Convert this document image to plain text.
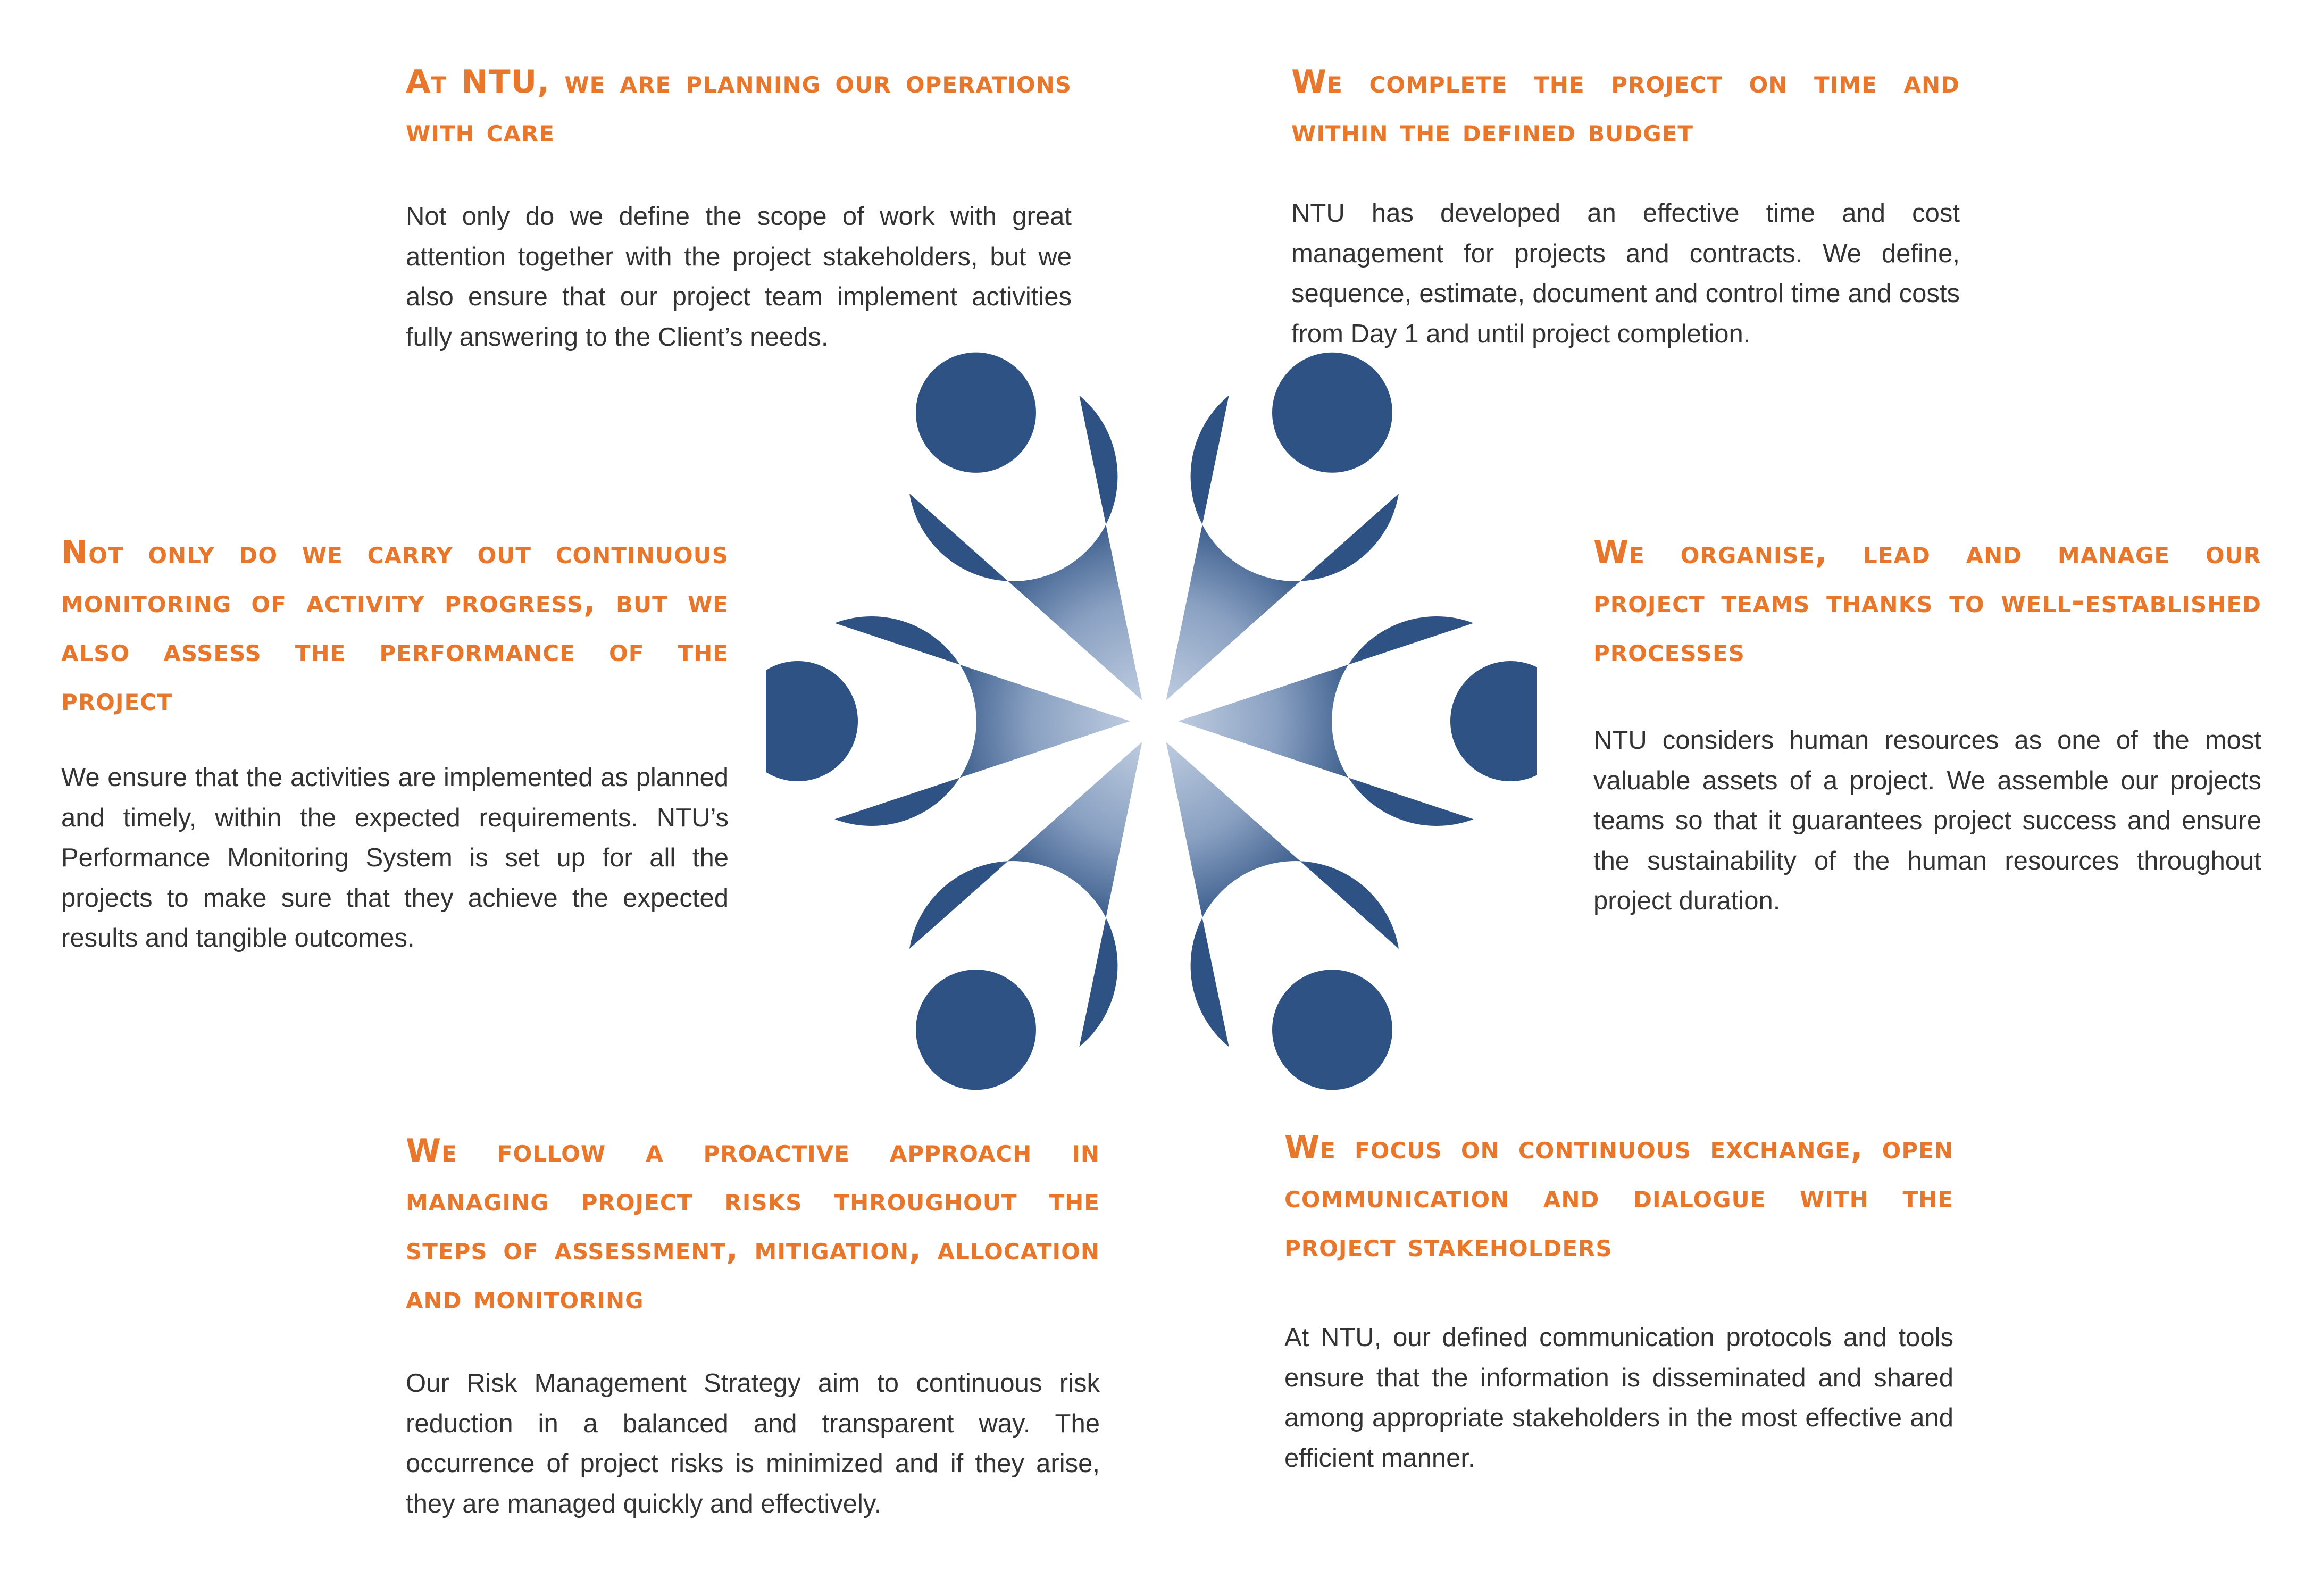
At NTU, we are planning our operations with care

Not only do we define the scope of work with great attention together with the project stakeholders, but we also ensure that our project team implement activities fully answering to the Client’s needs.

We complete the project on time and within the defined budget

NTU has developed an effective time and cost management for projects and contracts. We define, sequence, estimate, document and control time and costs from Day 1 and until project completion.

Not only do we carry out continuous monitoring of activity progress, but we also assess the performance of the project

We ensure that the activities are implemented as planned and timely, within the expected requirements. NTU’s Performance Monitoring System is set up for all the projects to make sure that they achieve the expected results and tangible outcomes.

We organise, lead and manage our project teams thanks to well-established processes

NTU considers human resources as one of the most valuable assets of a project. We assemble our projects teams so that it guarantees project success and ensure the sustainability of the human resources throughout project duration.

We follow a proactive approach in managing project risks throughout the steps of assessment, mitigation, allocation and monitoring

Our Risk Management Strategy aim to continuous risk reduction in a balanced and transparent way. The occurrence of project risks is minimized and if they arise, they are managed quickly and effectively.

We focus on continuous exchange, open communication and dialogue with the project stakeholders

At NTU, our defined communication protocols and tools ensure that the information is disseminated and shared among appropriate stakeholders in the most effective and efficient manner.
